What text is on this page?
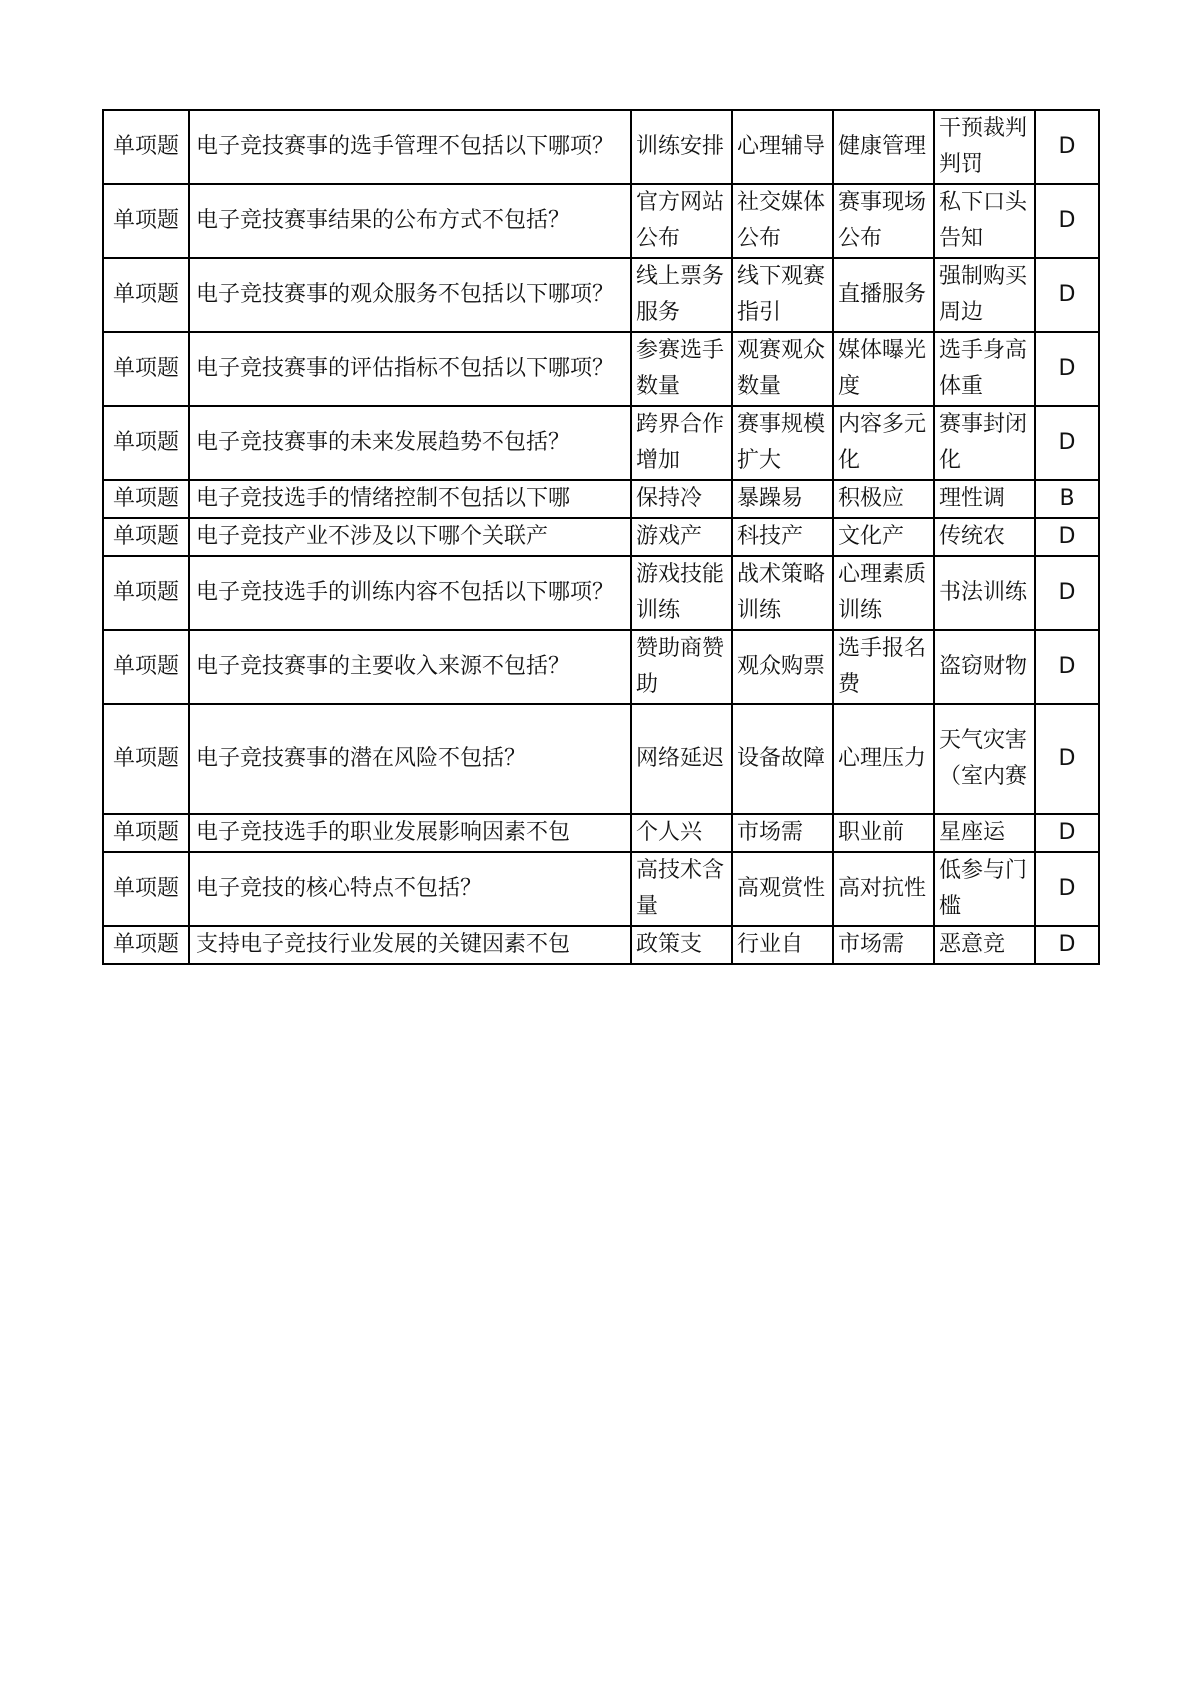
单项题	电子竞技赛事的选手管理不包括以下哪项？	训练安排	心理辅导	健康管理	干预裁判判罚	D
单项题	电子竞技赛事结果的公布方式不包括？	官方网站公布	社交媒体公布	赛事现场公布	私下口头告知	D
单项题	电子竞技赛事的观众服务不包括以下哪项？	线上票务服务	线下观赛指引	直播服务	强制购买周边	D
单项题	电子竞技赛事的评估指标不包括以下哪项？	参赛选手数量	观赛观众数量	媒体曝光度	选手身高体重	D
单项题	电子竞技赛事的未来发展趋势不包括？	跨界合作增加	赛事规模扩大	内容多元化	赛事封闭化	D

单项题	电子竞技选手的情绪控制不包括以下哪	保持冷	暴躁易	积极应	理性调	B

单项题	电子竞技产业不涉及以下哪个关联产	游戏产	科技产	文化产	传统农	D

单项题	电子竞技选手的训练内容不包括以下哪项？	游戏技能训练	战术策略训练	心理素质训练	书法训练	D
单项题	电子竞技赛事的主要收入来源不包括？	赞助商赞助	观众购票	选手报名费	盗窃财物	D
单项题	电子竞技赛事的潜在风险不包括？	网络延迟	设备故障	心理压力	天气灾害（室内赛	D

单项题	电子竞技选手的职业发展影响因素不包	个人兴	市场需	职业前	星座运	D

单项题	电子竞技的核心特点不包括？	高技术含量	高观赏性	高对抗性	低参与门槛	D

单项题	支持电子竞技行业发展的关键因素不包	政策支	行业自	市场需	恶意竞	D
